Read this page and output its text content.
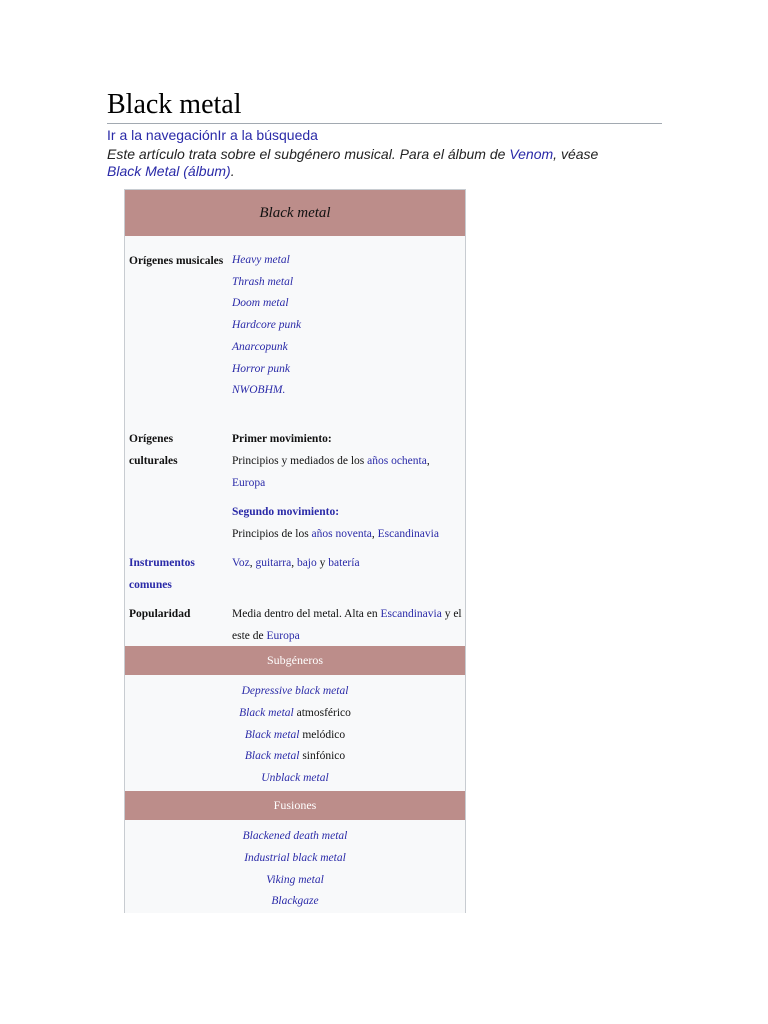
Black metal
Ir a la navegaciónIr a la búsqueda
Este artículo trata sobre el subgénero musical. Para el álbum de Venom, véase Black Metal (álbum).
Black metal
Orígenes musicales Heavy metal
Thrash metal
Doom metal
Hardcore punk
Anarcopunk
Horror punk
NWOBHM.
Orígenes culturales
Primer movimiento:
Principios y mediados de los años ochenta, Europa
Segundo movimiento:
Principios de los años noventa, Escandinavia
Instrumentos comunes
Voz, guitarra, bajo y batería
Popularidad	Media dentro del metal. Alta en Escandinavia y el este de Europa
Subgéneros
Depressive black metal
Black metal atmosférico
Black metal melódico
Black metal sinfónico
Unblack metal
Fusiones
Blackened death metal
Industrial black metal
Viking metal
Blackgaze
